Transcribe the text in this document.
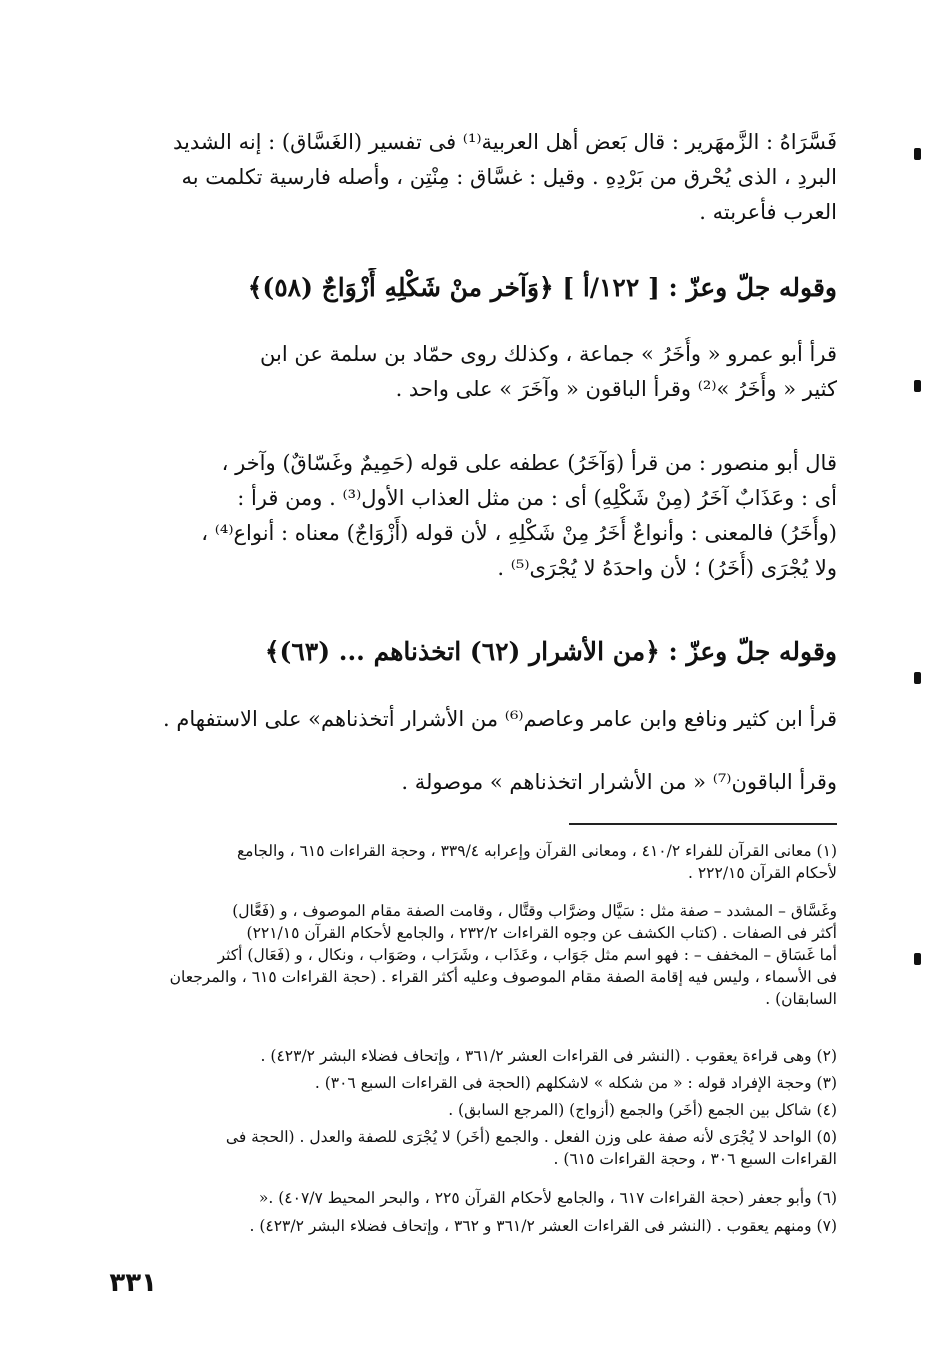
فَسَّرَاهُ : الزَّمهَرير : قال بَعض أهل العربية⁽¹⁾ فى تفسير (الغَسَّاق) : إنه الشديد
البردِ ، الذى يُحْرق من بَرْدِهِ . وقيل : غسَّاق : مِنْتِن ، وأصله فارسية تكلمت به
العرب فأعربته .
وقوله جلّ وعزّ : [ ١٢٢/أ ] ﴿وَآخر منْ شَكْلِهِ أَزْوَاجٌ (٥٨)﴾
قرأ أبو عمرو « وأُخَرُ » جماعة ، وكذلك روى حمّاد بن سلمة عن ابن
كثير « وأُخَرُ »⁽²⁾ وقرأ الباقون « وآخَرَ » على واحد .
قال أبو منصور : من قرأ (وَآخَرُ) عطفه على قوله (حَمِيمٌ وغَسّاقٌ) وآخر ،
أى : وعَذَابٌ آخَرُ (مِنْ شَكْلِهِ) أى : من مثل العذاب الأول⁽³⁾ . ومن قرأ :
(وأُخَرُ) فالمعنى : وأنواعٌ أُخَرُ مِنْ شَكْلِهِ ، لأن قوله (أَزْوَاجٌ) معناه : أنواع⁽⁴⁾ ،
ولا يُجْرَى (أُخَرُ) ؛ لأن واحدَهُ لا يُجْرَى⁽⁵⁾ .
وقوله جلّ وعزّ : ﴿من الأشرار (٦٢) اتخذناهم ... (٦٣)﴾
قرأ ابن كثير ونافع وابن عامر وعاصم⁽⁶⁾ من الأشرار أتخذناهم» على الاستفهام .
وقرأ الباقون⁽⁷⁾ « من الأشرار اتخذناهم » موصولة .
(١) معانى القرآن للفراء ٤١٠/٢ ، ومعانى القرآن وإعرابه ٣٣٩/٤ ، وحجة القراءات ٦١٥ ، والجامع
لأحكام القرآن ٢٢٢/١٥ .
وغَسَّاق – المشدد – صفة مثل : سَيَّال وضرَّاب وقتَّال ، وقامت الصفة مقام الموصوف ، و (فَعَّال)
أكثر فى الصفات . (كتاب الكشف عن وجوه القراءات ٢٣٢/٢ ، والجامع لأحكام القرآن ٢٢١/١٥)
أما غَسَاق – المخفف – : فهو اسم مثل جَوَاب ، وعَذَاب ، وشَرَاب ، وصَوَاب ، ونكال ، و (فَعَال) أكثر
فى الأسماء ، وليس فيه إقامة الصفة مقام الموصوف وعليه أكثر القراء . (حجة القراءات ٦١٥ ، والمرجعان
السابقان) .
(٢) وهى قراءة يعقوب . (النشر فى القراءات العشر ٣٦١/٢ ، وإتحاف فضلاء البشر ٤٢٣/٢) .
(٣) وحجة الإفراد قوله : « من شكله » لاشكلهم (الحجة فى القراءات السبع ٣٠٦) .
(٤) شاكل بين الجمع (أُخَر) والجمع (أزواج) (المرجع السابق) .
(٥) الواحد لا يُجْرَى لأنه صفة على وزن الفعل . والجمع (أُخَر) لا يُجْرَى للصفة والعدل . (الحجة فى
القراءات السبع ٣٠٦ ، وحجة القراءات ٦١٥) .
(٦) وأبو جعفر (حجة القراءات ٦١٧ ، والجامع لأحكام القرآن ٢٢٥ ، والبحر المحيط ٤٠٧/٧) .«
(٧) ومنهم يعقوب . (النشر فى القراءات العشر ٣٦١/٢ و ٣٦٢ ، وإتحاف فضلاء البشر ٤٢٣/٢) .
٣٣١
